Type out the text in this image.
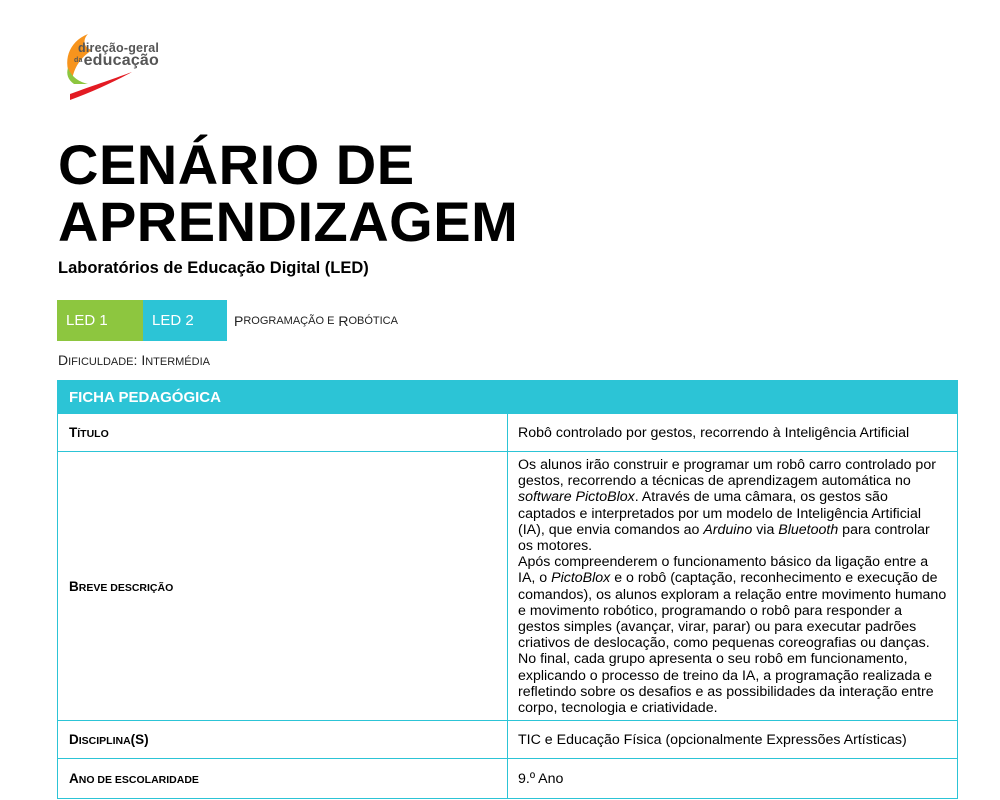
direção-geral
daeducação
CENÁRIO DE
APRENDIZAGEM
Laboratórios de Educação Digital (LED)
LED 1	LED 2	P ROGRAMAÇÃO E
R OBÓTICA
DIFICULDADE: INTERMÉDIA
FICHA PEDAGÓGICA	
TÍTULO	Robô controlado por gestos, recorrendo à Inteligência Artificial
BREVE DESCRIÇÃO	Os alunos irão construir e programar um robô carro controlado por gestos, recorrendo a técnicas de aprendizagem automática no software PictoBlox. Através de uma câmara, os gestos são captados e interpretados por um modelo de Inteligência Artificial (IA), que envia comandos ao Arduino via Bluetooth para controlar os motores.

Após compreenderem o funcionamento básico da ligação entre a IA, o PictoBlox e o robô (captação, reconhecimento e execução de comandos), os alunos exploram a relação entre movimento humano e movimento robótico, programando o robô para responder a gestos simples (avançar, virar, parar) ou para executar padrões criativos de deslocação, como pequenas coreografias ou danças.

No final, cada grupo apresenta o seu robô em funcionamento, explicando o processo de treino da IA, a programação realizada e refletindo sobre os desafios e as possibilidades da interação entre corpo, tecnologia e criatividade.

DISCIPLINA(S)	TIC e Educação Física (opcionalmente Expressões Artísticas)
ANO DE ESCOLARIDADE	9.º Ano
